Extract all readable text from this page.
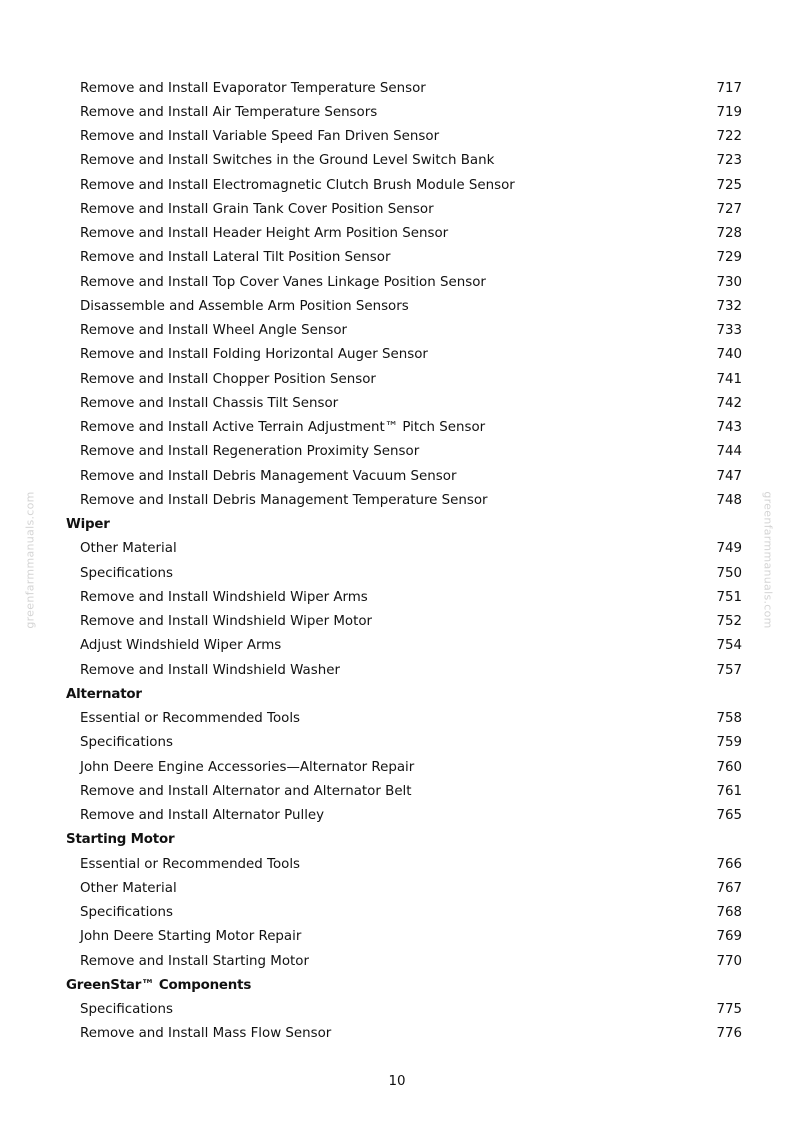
greenfarmmanuals.com	greenfarmmanuals.com
Remove and Install Evaporator Temperature Sensor	717
Remove and Install Air Temperature Sensors	719
Remove and Install Variable Speed Fan Driven Sensor	722
Remove and Install Switches in the Ground Level Switch Bank	723
Remove and Install Electromagnetic Clutch Brush Module Sensor	725
Remove and Install Grain Tank Cover Position Sensor	727
Remove and Install Header Height Arm Position Sensor	728
Remove and Install Lateral Tilt Position Sensor	729
Remove and Install Top Cover Vanes Linkage Position Sensor	730
Disassemble and Assemble Arm Position Sensors	732
Remove and Install Wheel Angle Sensor	733
Remove and Install Folding Horizontal Auger Sensor	740
Remove and Install Chopper Position Sensor	741
Remove and Install Chassis Tilt Sensor	742
Remove and Install Active Terrain Adjustment™ Pitch Sensor	743
Remove and Install Regeneration Proximity Sensor	744
Remove and Install Debris Management Vacuum Sensor	747
Remove and Install Debris Management Temperature Sensor	748
Wiper
Other Material	749
Specifications	750
Remove and Install Windshield Wiper Arms	751
Remove and Install Windshield Wiper Motor	752
Adjust Windshield Wiper Arms	754
Remove and Install Windshield Washer	757
Alternator
Essential or Recommended Tools	758
Specifications	759
John Deere Engine Accessories—Alternator Repair	760
Remove and Install Alternator and Alternator Belt	761
Remove and Install Alternator Pulley	765
Starting Motor
Essential or Recommended Tools	766
Other Material	767
Specifications	768
John Deere Starting Motor Repair	769
Remove and Install Starting Motor	770
GreenStar™ Components
Specifications	775
Remove and Install Mass Flow Sensor	776
10
